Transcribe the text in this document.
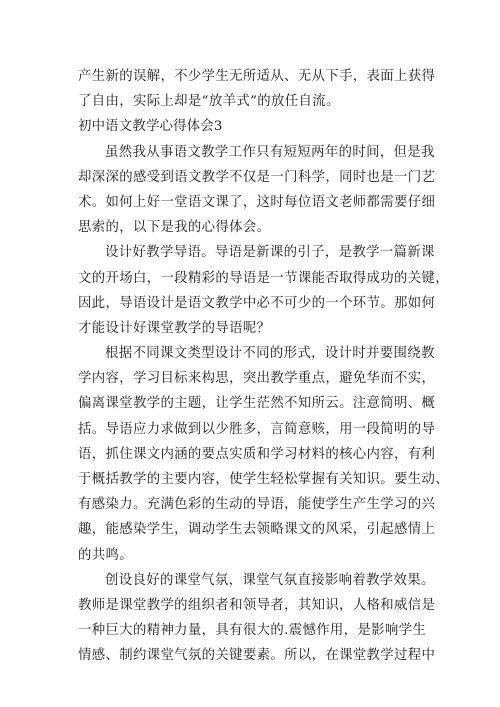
产生新的误解，不少学生无所适从、无从下手，表面上获得
了自由，实际上却是“放羊式”的放任自流。
初中语文教学心得体会3
虽然我从事语文教学工作只有短短两年的时间，但是我
却深深的感受到语文教学不仅是一门科学，同时也是一门艺
术。如何上好一堂语文课了，这时每位语文老师都需要仔细
思索的，以下是我的心得体会。
设计好教学导语。导语是新课的引子，是教学一篇新课
文的开场白，一段精彩的导语是一节课能否取得成功的关键，
因此，导语设计是语文教学中必不可少的一个环节。那如何
才能设计好课堂教学的导语呢？
根据不同课文类型设计不同的形式，设计时并要围绕教
学内容，学习目标来构思，突出教学重点，避免华而不实，
偏离课堂教学的主题，让学生茫然不知所云。注意简明、概
括。导语应力求做到以少胜多，言简意赅，用一段简明的导
语，抓住课文内涵的要点实质和学习材料的核心内容，有利
于概括教学的主要内容，使学生轻松掌握有关知识。要生动、
有感染力。充满色彩的生动的导语，能使学生产生学习的兴
趣，能感染学生，调动学生去领略课文的风采，引起感情上
的共鸣。
创设良好的课堂气氛，课堂气氛直接影响着教学效果。
教师是课堂教学的组织者和领导者，其知识，人格和威信是
一种巨大的精神力量，具有很大的.震憾作用，是影响学生
情感、制约课堂气氛的关键要素。所以，在课堂教学过程中
